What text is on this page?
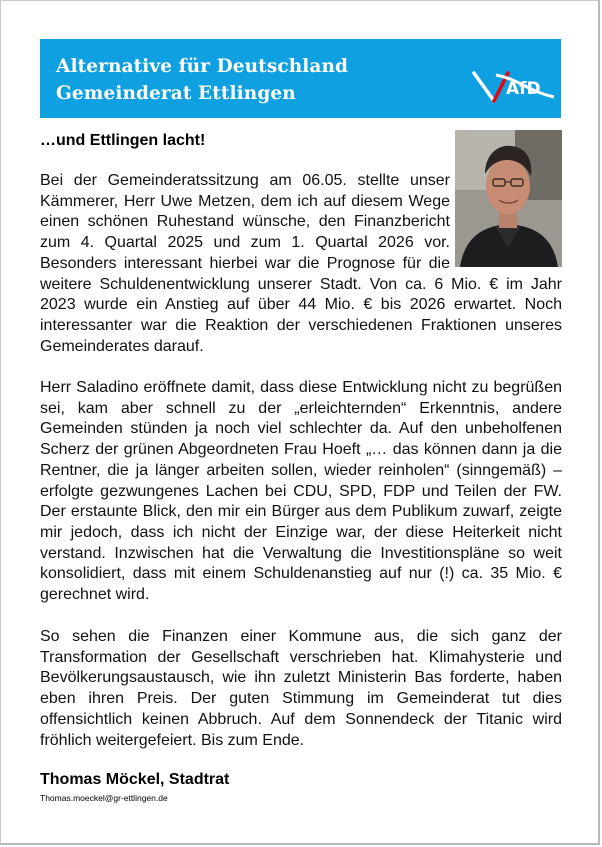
Alternative für Deutschland
Gemeinderat Ettlingen	AfD
…und Ettlingen lacht!

Bei der Gemeinderatssitzung am 06.05. stellte unser Kämmerer, Herr Uwe Metzen, dem ich auf diesem Wege einen schönen Ruhestand wünsche, den Finanzbericht zum 4. Quartal 2025 und zum 1. Quartal 2026 vor. Besonders interessant hierbei war die Prognose für die weitere Schuldenentwicklung unserer Stadt. Von ca. 6 Mio. € im Jahr 2023 wurde ein Anstieg auf über 44 Mio. € bis 2026 erwartet. Noch interessanter war die Reaktion der verschiedenen Fraktionen unseres Gemeinderates darauf.

Herr Saladino eröffnete damit, dass diese Entwicklung nicht zu begrüßen sei, kam aber schnell zu der „erleichternden“ Erkenntnis, andere Gemeinden stünden ja noch viel schlechter da. Auf den unbeholfenen Scherz der grünen Abgeordneten Frau Hoeft „… das können dann ja die Rentner, die ja länger arbeiten sollen, wieder reinholen“ (sinngemäß) – erfolgte gezwungenes Lachen bei CDU, SPD, FDP und Teilen der FW. Der erstaunte Blick, den mir ein Bürger aus dem Publikum zuwarf, zeigte mir jedoch, dass ich nicht der Einzige war, der diese Heiterkeit nicht verstand. Inzwischen hat die Verwaltung die Investitionspläne so weit konsolidiert, dass mit einem Schuldenanstieg auf nur (!) ca. 35 Mio. € gerechnet wird.

So sehen die Finanzen einer Kommune aus, die sich ganz der Transformation der Gesellschaft verschrieben hat. Klimahysterie und Bevölkerungsaustausch, wie ihn zuletzt Ministerin Bas forderte, haben eben ihren Preis. Der guten Stimmung im Gemeinderat tut dies offensichtlich keinen Abbruch. Auf dem Sonnendeck der Titanic wird fröhlich weitergefeiert. Bis zum Ende.

Thomas Möckel, Stadtrat
Thomas.moeckel@gr-ettlingen.de
